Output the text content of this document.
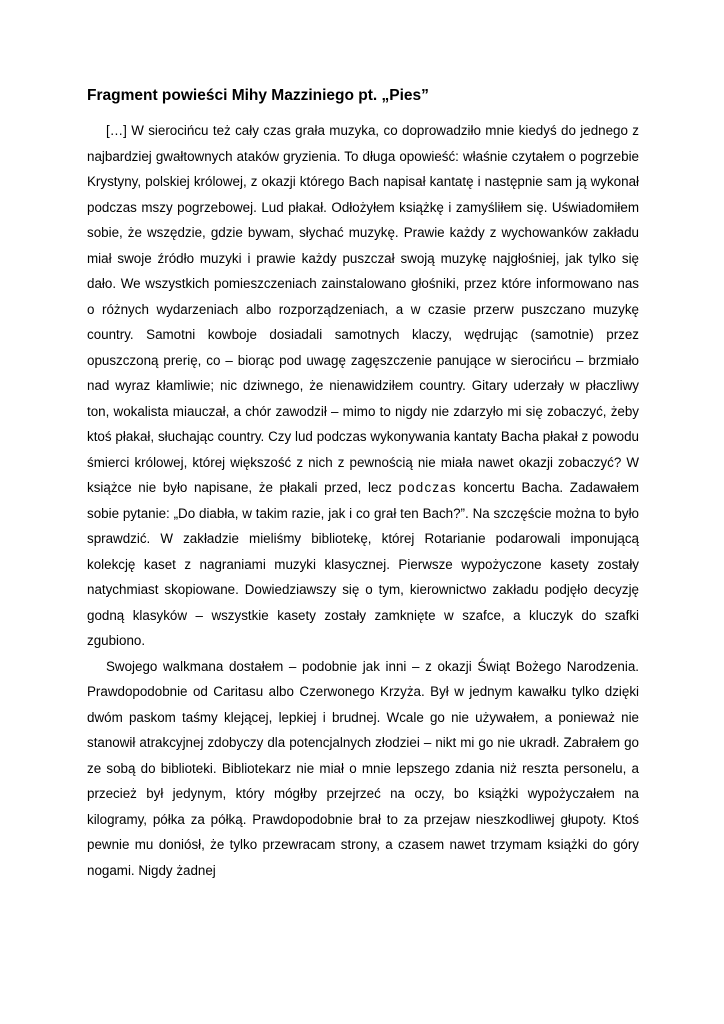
Fragment powieści Mihy Mazziniego pt. „Pies”

[…] W sierocińcu też cały czas grała muzyka, co doprowadziło mnie kiedyś do jednego z najbardziej gwałtownych ataków gryzienia. To długa opowieść: właśnie czytałem o pogrzebie Krystyny, polskiej królowej, z okazji którego Bach napisał kantatę i następnie sam ją wykonał podczas mszy pogrzebowej. Lud płakał. Odłożyłem książkę i zamyśliłem się. Uświadomiłem sobie, że wszędzie, gdzie bywam, słychać muzykę. Prawie każdy z wychowanków zakładu miał swoje źródło muzyki i prawie każdy puszczał swoją muzykę najgłośniej, jak tylko się dało. We wszystkich pomieszczeniach zainstalowano głośniki, przez które informowano nas o różnych wydarzeniach albo rozporządzeniach, a w czasie przerw puszczano muzykę country. Samotni kowboje dosiadali samotnych klaczy, wędrując (samotnie) przez opuszczoną prerię, co – biorąc pod uwagę zagęszczenie panujące w sierocińcu – brzmiało nad wyraz kłamliwie; nic dziwnego, że nienawidziłem country. Gitary uderzały w płaczliwy ton, wokalista miauczał, a chór zawodził – mimo to nigdy nie zdarzyło mi się zobaczyć, żeby ktoś płakał, słuchając country. Czy lud podczas wykonywania kantaty Bacha płakał z powodu śmierci królowej, której większość z nich z pewnością nie miała nawet okazji zobaczyć? W książce nie było napisane, że płakali przed, lecz podczas koncertu Bacha. Zadawałem sobie pytanie: „Do diabła, w takim razie, jak i co grał ten Bach?”. Na szczęście można to było sprawdzić. W zakładzie mieliśmy bibliotekę, której Rotarianie podarowali imponującą kolekcję kaset z nagraniami muzyki klasycznej. Pierwsze wypożyczone kasety zostały natychmiast skopiowane. Dowiedziawszy się o tym, kierownictwo zakładu podjęło decyzję godną klasyków – wszystkie kasety zostały zamknięte w szafce, a kluczyk do szafki zgubiono.

Swojego walkmana dostałem – podobnie jak inni – z okazji Świąt Bożego Narodzenia. Prawdopodobnie od Caritasu albo Czerwonego Krzyża. Był w jednym kawałku tylko dzięki dwóm paskom taśmy klejącej, lepkiej i brudnej. Wcale go nie używałem, a ponieważ nie stanowił atrakcyjnej zdobyczy dla potencjalnych złodziei – nikt mi go nie ukradł. Zabrałem go ze sobą do biblioteki. Bibliotekarz nie miał o mnie lepszego zdania niż reszta personelu, a przecież był jedynym, który mógłby przejrzeć na oczy, bo książki wypożyczałem na kilogramy, półka za półką. Prawdopodobnie brał to za przejaw nieszkodliwej głupoty. Ktoś pewnie mu doniósł, że tylko przewracam strony, a czasem nawet trzymam książki do góry nogami. Nigdy żadnej
